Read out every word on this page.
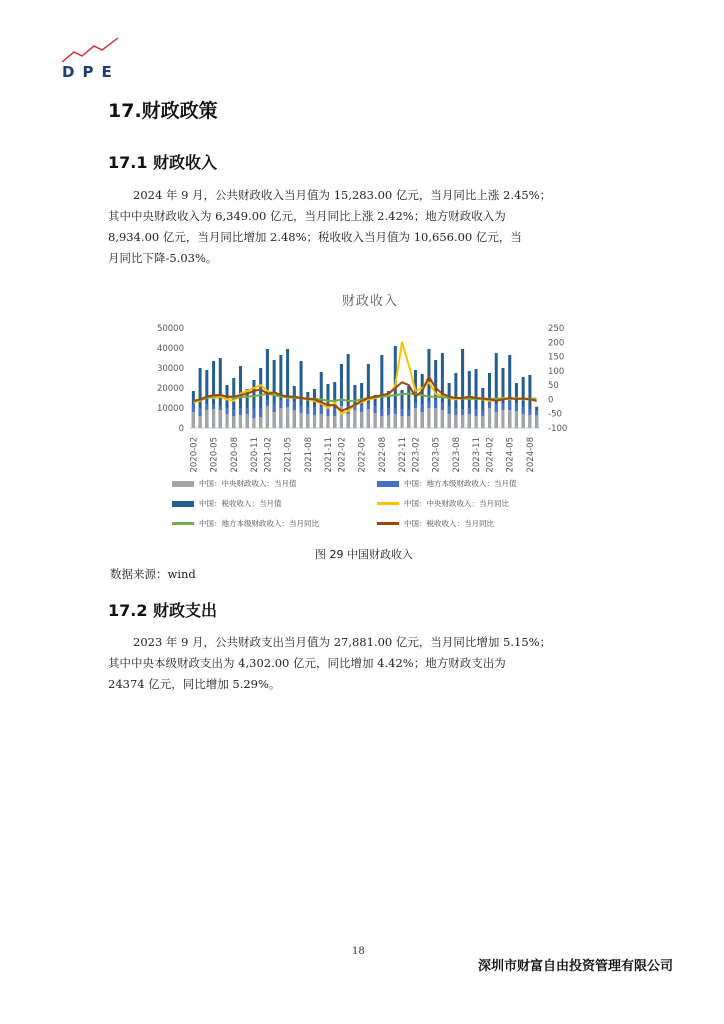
DPE
17.财政政策
17.1 财政收入

2024 年 9 月，公共财政收入当月值为 15,283.00 亿元，当月同比上涨 2.45%；

其中中央财政收入为 6,349.00 亿元，当月同比上涨 2.42%；地方财政收入为

8,934.00 亿元，当月同比增加 2.48%；税收收入当月值为 10,656.00 亿元，当

月同比下降-5.03%。

财政收入
0
10000
20000
30000
40000
50000
-100
-50
0
50
100
150
200
250
2020-02 2020-05 2020-08 2020-11 2021-02 2021-05 2021-08 2021-11 2022-02 2022-05 2022-08 2022-11 2023-02 2023-05 2023-08 2023-11 2024-02 2024-05 2024-08
中国：中央财政收入：当月值	中国：地方本级财政收入：当月值
中国：税收收入：当月值	中国：中央财政收入：当月同比
中国：地方本级财政收入：当月同比	中国：税收收入：当月同比
图 29 中国财政收入
数据来源：wind
17.2 财政支出

2023 年 9 月，公共财政支出当月值为 27,881.00 亿元，当月同比增加 5.15%；

其中中央本级财政支出为 4,302.00 亿元，同比增加 4.42%；地方财政支出为

24374 亿元，同比增加 5.29%。

18
深圳市财富自由投资管理有限公司
